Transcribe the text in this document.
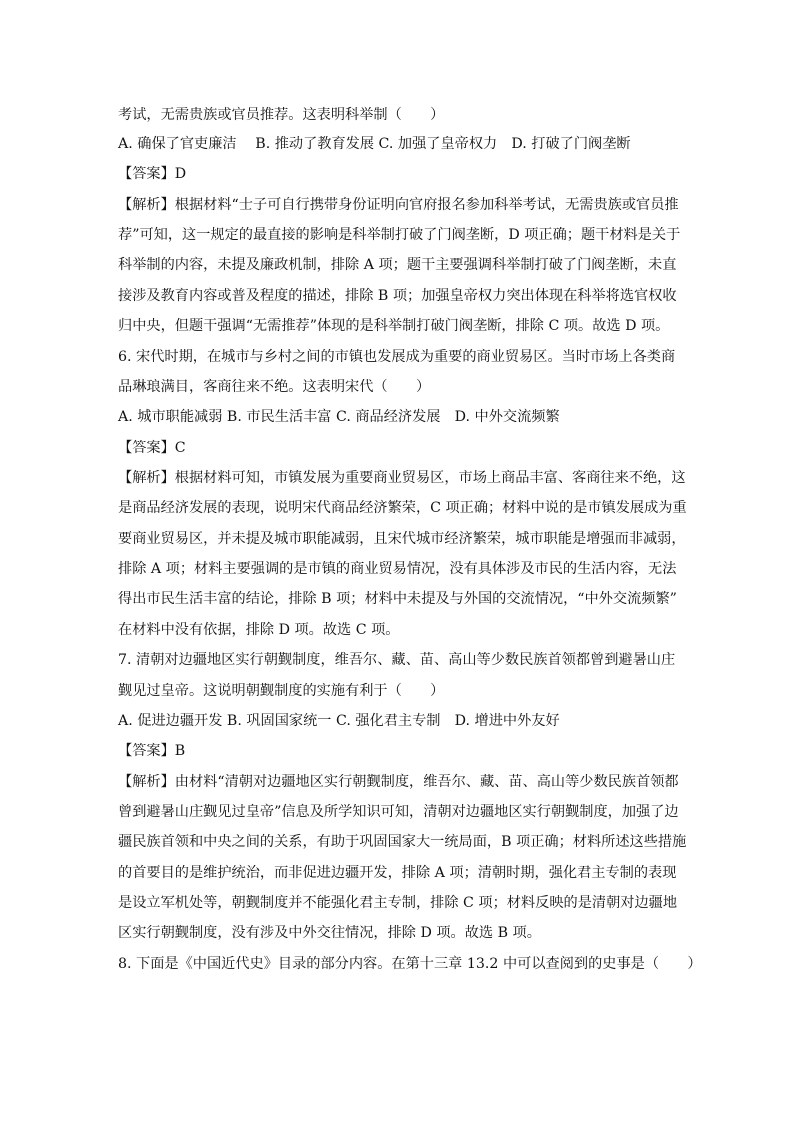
考试，无需贵族或官员推荐。这表明科举制（　　）
A. 确保了官吏廉洁　 B. 推动了教育发展 C. 加强了皇帝权力　D. 打破了门阀垄断
【答案】D
【解析】根据材料“士子可自行携带身份证明向官府报名参加科举考试，无需贵族或官员推
荐”可知，这一规定的最直接的影响是科举制打破了门阀垄断，D 项正确；题干材料是关于
科举制的内容，未提及廉政机制，排除 A 项；题干主要强调科举制打破了门阀垄断，未直
接涉及教育内容或普及程度的描述，排除 B 项；加强皇帝权力突出体现在科举将选官权收
归中央，但题干强调“无需推荐”体现的是科举制打破门阀垄断，排除 C 项。故选 D 项。
6. 宋代时期，在城市与乡村之间的市镇也发展成为重要的商业贸易区。当时市场上各类商
品琳琅满目，客商往来不绝。这表明宋代（　　）
A. 城市职能减弱 B. 市民生活丰富 C. 商品经济发展　D. 中外交流频繁
【答案】C
【解析】根据材料可知，市镇发展为重要商业贸易区，市场上商品丰富、客商往来不绝，这
是商品经济发展的表现，说明宋代商品经济繁荣，C 项正确；材料中说的是市镇发展成为重
要商业贸易区，并未提及城市职能减弱，且宋代城市经济繁荣，城市职能是增强而非减弱，
排除 A 项；材料主要强调的是市镇的商业贸易情况，没有具体涉及市民的生活内容，无法
得出市民生活丰富的结论，排除 B 项；材料中未提及与外国的交流情况，“中外交流频繁”
在材料中没有依据，排除 D 项。故选 C 项。
7. 清朝对边疆地区实行朝觐制度，维吾尔、藏、苗、高山等少数民族首领都曾到避暑山庄
觐见过皇帝。这说明朝觐制度的实施有利于（　　）
A. 促进边疆开发 B. 巩固国家统一 C. 强化君主专制　D. 增进中外友好
【答案】B
【解析】由材料“清朝对边疆地区实行朝觐制度，维吾尔、藏、苗、高山等少数民族首领都
曾到避暑山庄觐见过皇帝”信息及所学知识可知，清朝对边疆地区实行朝觐制度，加强了边
疆民族首领和中央之间的关系，有助于巩固国家大一统局面，B 项正确；材料所述这些措施
的首要目的是维护统治，而非促进边疆开发，排除 A 项；清朝时期，强化君主专制的表现
是设立军机处等，朝觐制度并不能强化君主专制，排除 C 项；材料反映的是清朝对边疆地
区实行朝觐制度，没有涉及中外交往情况，排除 D 项。故选 B 项。
8. 下面是《中国近代史》目录的部分内容。在第十三章 13.2 中可以查阅到的史事是（　　）
